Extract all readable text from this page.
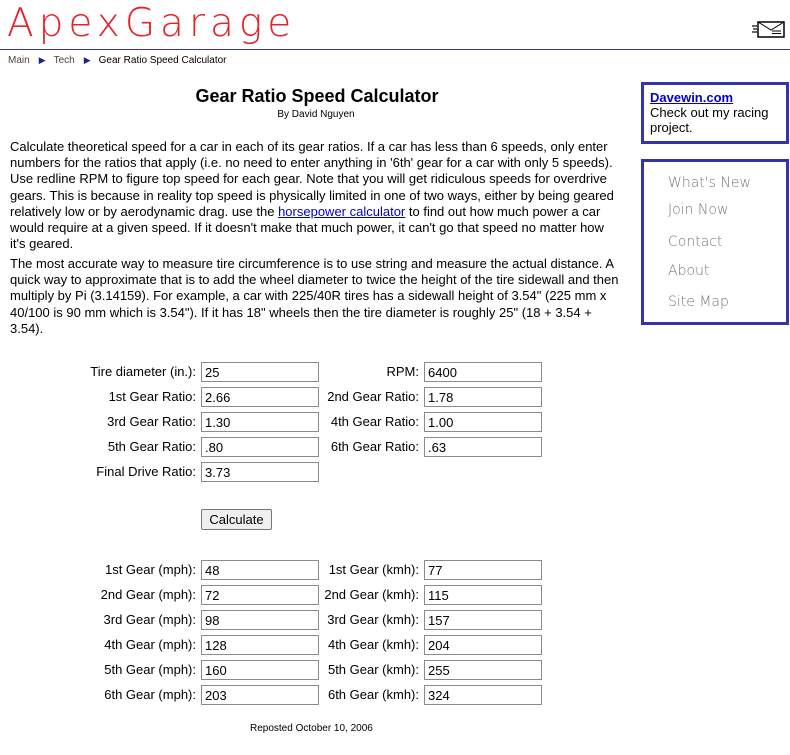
ApexGarage
Main ▶ Tech ▶ Gear Ratio Speed Calculator
Gear Ratio Speed Calculator
By David Nguyen

Calculate theoretical speed for a car in each of its gear ratios. If a car has less than 6 speeds, only enter numbers for the ratios that apply (i.e. no need to enter anything in '6th' gear for a car with only 5 speeds). Use redline RPM to figure top speed for each gear. Note that you will get ridiculous speeds for overdrive gears. This is because in reality top speed is physically limited in one of two ways, either by being geared relatively low or by aerodynamic drag. use the horsepower calculator to find out how much power a car would require at a given speed. If it doesn't make that much power, it can't go that speed no matter how it's geared.

The most accurate way to measure tire circumference is to use string and measure the actual distance. A quick way to approximate that is to add the wheel diameter to twice the height of the tire sidewall and then multiply by Pi (3.14159). For example, a car with 225/40R tires has a sidewall height of 3.54" (225 mm x 40/100 is 90 mm which is 3.54"). If it has 18" wheels then the tire diameter is roughly 25" (18 + 3.54 + 3.54).

Tire diameter (in.):
25	RPM:
6400
1st Gear Ratio:
2.66	2nd Gear Ratio:
1.78
3rd Gear Ratio:
1.30	4th Gear Ratio:
1.00
5th Gear Ratio:
.80	6th Gear Ratio:
.63
Final Drive Ratio:
3.73
Calculate
1st Gear (mph):
48	1st Gear (kmh):
77
2nd Gear (mph):
72	2nd Gear (kmh):
115
3rd Gear (mph):
98	3rd Gear (kmh):
157
4th Gear (mph):
128	4th Gear (kmh):
204
5th Gear (mph):
160	5th Gear (kmh):
255
6th Gear (mph):
203	6th Gear (kmh):
324
Reposted October 10, 2006
Davewin.com
Check out my racing project.
What's New
Join Now
Contact
About
Site Map
